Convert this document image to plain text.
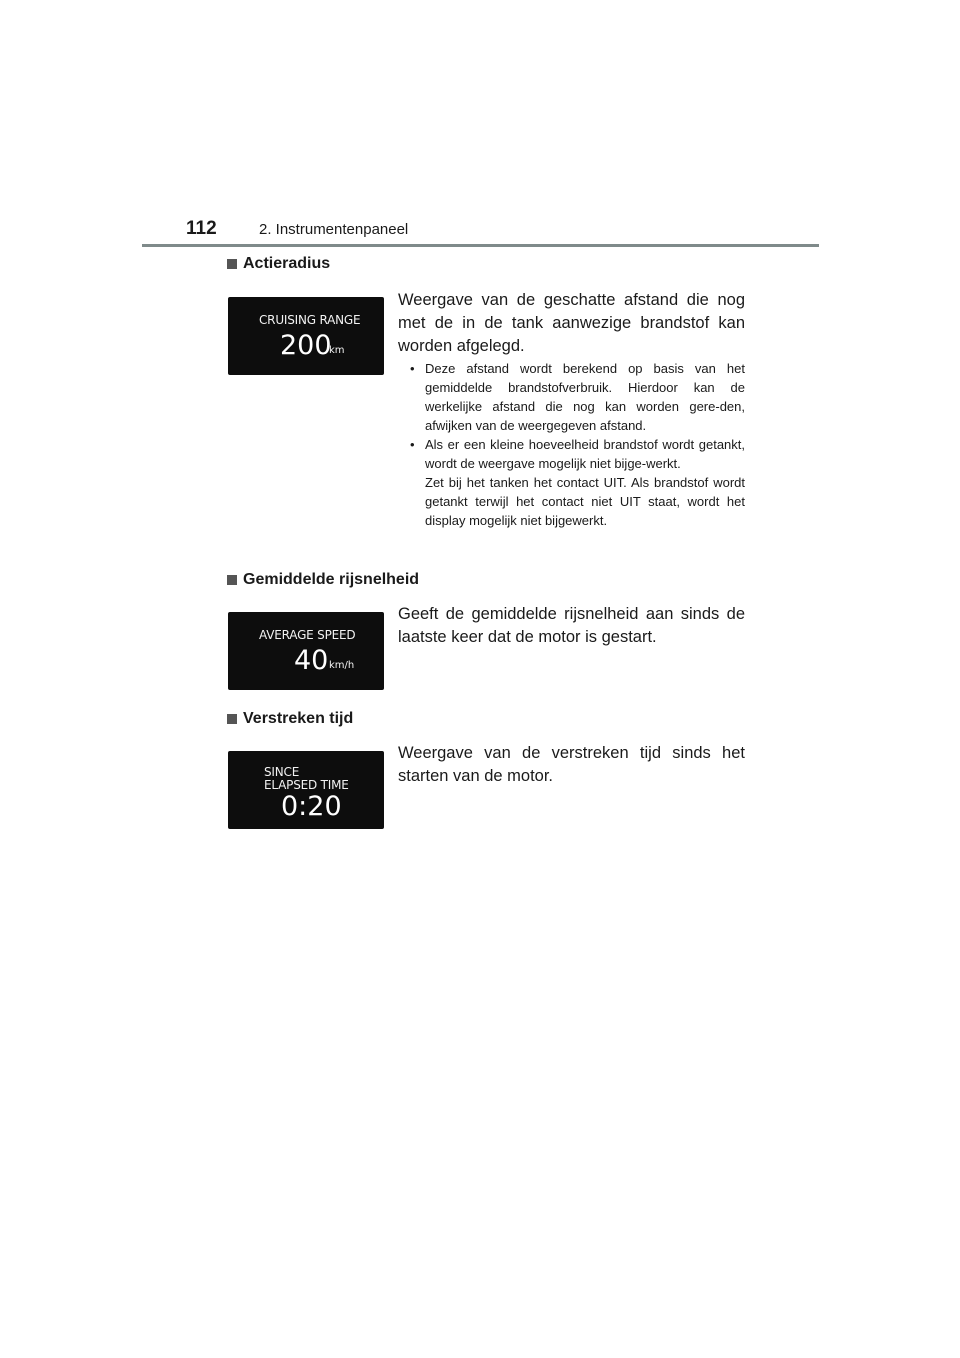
112	2. Instrumentenpaneel
Actieradius
CRUISING RANGE
200
km
Weergave van de geschatte afstand die nog met de in de tank aanwezige brandstof kan worden afgelegd.
• Deze afstand wordt berekend op basis van het gemiddelde brandstofverbruik. Hierdoor kan de werkelijke afstand die nog kan worden gere-den, afwijken van de weergegeven afstand.
• Als er een kleine hoeveelheid brandstof wordt getankt, wordt de weergave mogelijk niet bijge-werkt.
Zet bij het tanken het contact UIT. Als brandstof wordt getankt terwijl het contact niet UIT staat, wordt het display mogelijk niet bijgewerkt.
Gemiddelde rijsnelheid
AVERAGE SPEED
40 km/h
Geeft de gemiddelde rijsnelheid aan sinds de laatste keer dat de motor is gestart.
Verstreken tijd
SINCE
ELAPSED TIME
0:20
Weergave van de verstreken tijd sinds het starten van de motor.
